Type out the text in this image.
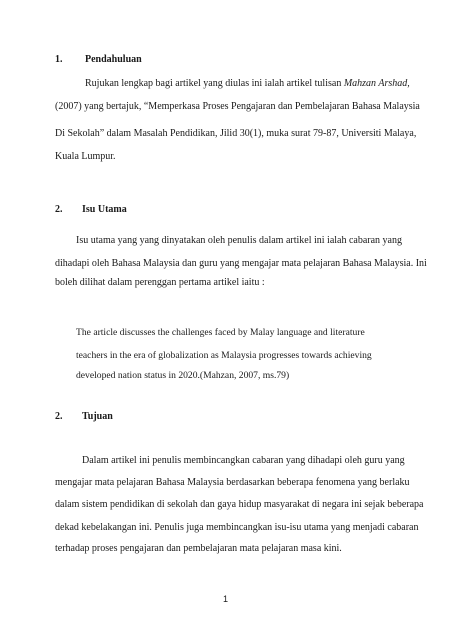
1. Pendahuluan
Rujukan lengkap bagi artikel yang diulas ini ialah artikel tulisan Mahzan Arshad,
(2007) yang bertajuk, “Memperkasa Proses Pengajaran dan Pembelajaran Bahasa Malaysia
Di Sekolah” dalam Masalah Pendidikan, Jilid 30(1), muka surat 79-87, Universiti Malaya,
Kuala Lumpur.
2. Isu Utama
Isu utama yang yang dinyatakan oleh penulis dalam artikel ini ialah cabaran yang
dihadapi oleh Bahasa Malaysia dan guru yang mengajar mata pelajaran Bahasa Malaysia. Ini
boleh dilihat dalam perenggan pertama artikel iaitu :
The article discusses the challenges faced by Malay language and literature
teachers in the era of globalization as Malaysia progresses towards achieving
developed nation status in 2020.(Mahzan, 2007, ms.79)
2. Tujuan
Dalam artikel ini penulis membincangkan cabaran yang dihadapi oleh guru yang
mengajar mata pelajaran Bahasa Malaysia berdasarkan beberapa fenomena yang berlaku
dalam sistem pendidikan di sekolah dan gaya hidup masyarakat di negara ini sejak beberapa
dekad kebelakangan ini. Penulis juga membincangkan isu-isu utama yang menjadi cabaran
terhadap proses pengajaran dan pembelajaran mata pelajaran masa kini.
1
